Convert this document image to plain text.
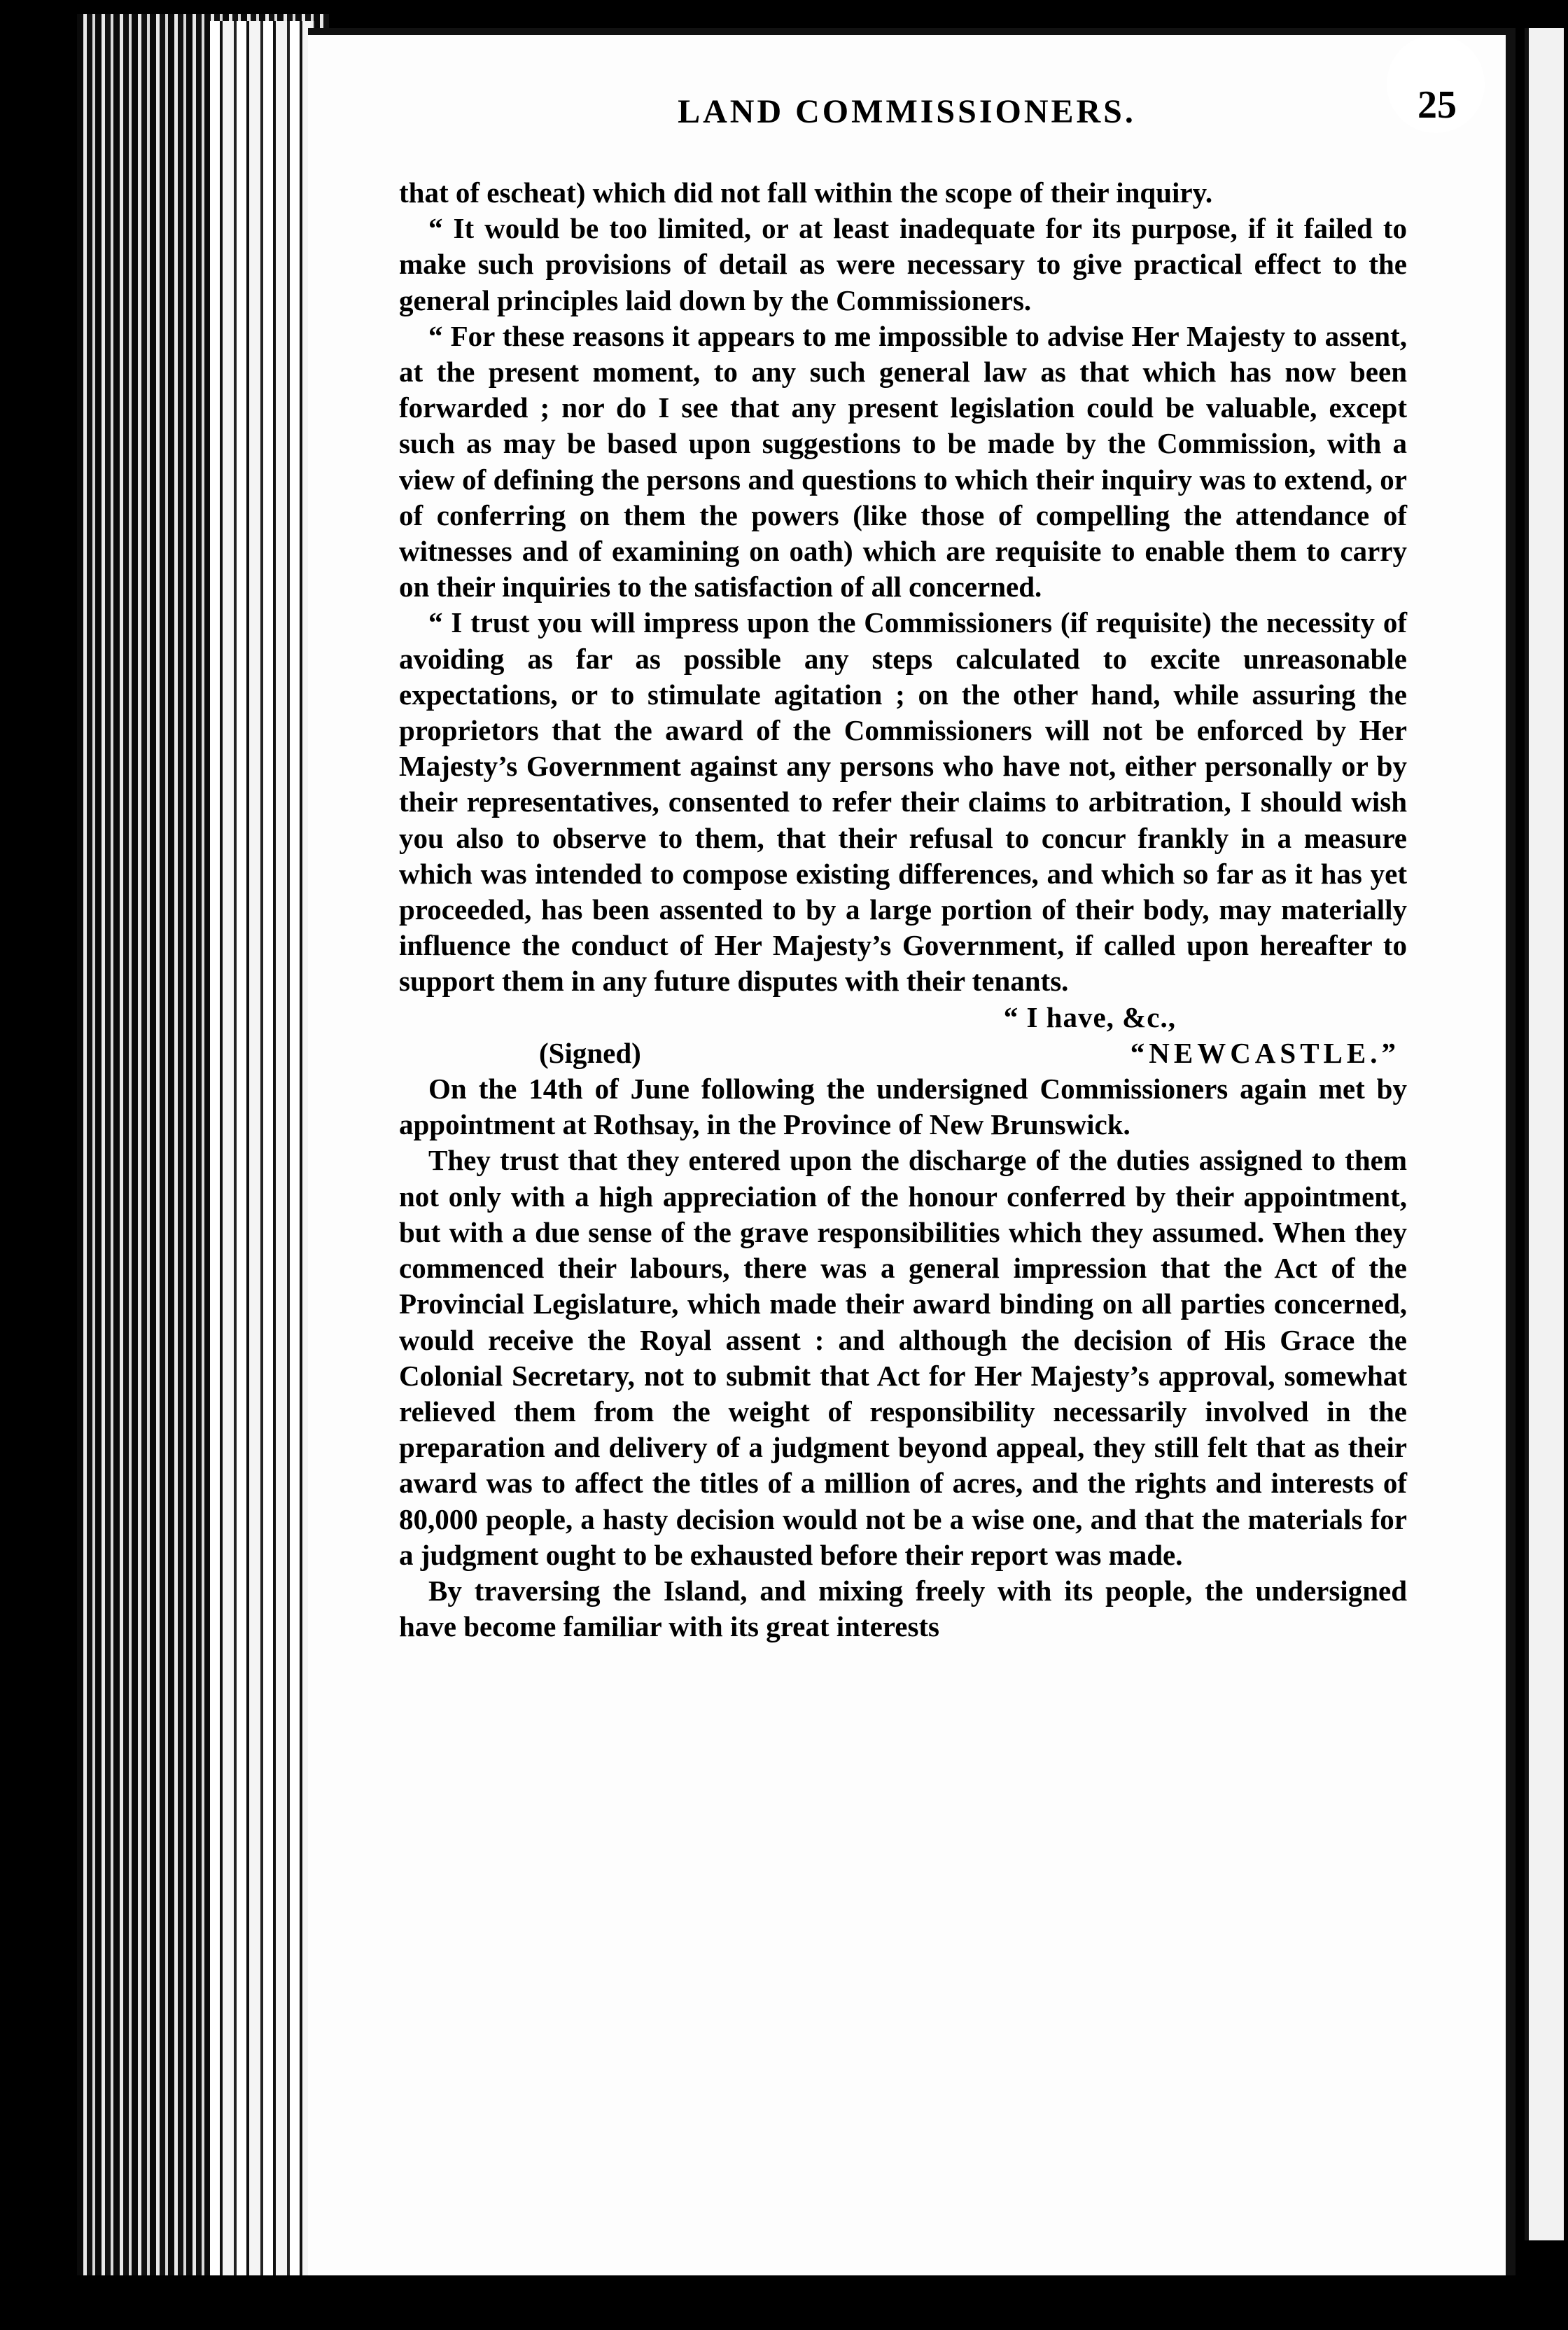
LAND COMMISSIONERS.	25

that of escheat) which did not fall within the scope of their inquiry.

“ It would be too limited, or at least inadequate for its purpose, if it failed to make such provisions of detail as were necessary to give practical effect to the general principles laid down by the Commissioners.

“ For these reasons it appears to me impossible to advise Her Majesty to assent, at the present moment, to any such general law as that which has now been forwarded ; nor do I see that any present legislation could be valuable, except such as may be based upon suggestions to be made by the Commission, with a view of defining the persons and questions to which their inquiry was to extend, or of conferring on them the powers (like those of compelling the attendance of witnesses and of examining on oath) which are requisite to enable them to carry on their inquiries to the satisfaction of all concerned.

“ I trust you will impress upon the Commissioners (if requisite) the necessity of avoiding as far as possible any steps calculated to excite unreasonable expectations, or to stimulate agitation ; on the other hand, while assuring the proprietors that the award of the Commissioners will not be enforced by Her Majesty’s Government against any persons who have not, either personally or by their representatives, consented to refer their claims to arbitration, I should wish you also to observe to them, that their refusal to concur frankly in a measure which was intended to compose existing differences, and which so far as it has yet proceeded, has been assented to by a large portion of their body, may materially influence the conduct of Her Majesty’s Government, if called upon hereafter to support them in any future disputes with their tenants.

“ I have, &c.,

(Signed)	“NEWCASTLE.”

On the 14th of June following the undersigned Commissioners again met by appointment at Rothsay, in the Province of New Brunswick.

They trust that they entered upon the discharge of the duties assigned to them not only with a high appreciation of the honour conferred by their appointment, but with a due sense of the grave responsibilities which they assumed. When they commenced their labours, there was a general impression that the Act of the Provincial Legislature, which made their award binding on all parties concerned, would receive the Royal assent : and although the decision of His Grace the Colonial Secretary, not to submit that Act for Her Majesty’s approval, somewhat relieved them from the weight of responsibility necessarily involved in the preparation and delivery of a judgment beyond appeal, they still felt that as their award was to affect the titles of a million of acres, and the rights and interests of 80,000 people, a hasty decision would not be a wise one, and that the materials for a judgment ought to be exhausted before their report was made.

By traversing the Island, and mixing freely with its people, the undersigned have become familiar with its great interests
